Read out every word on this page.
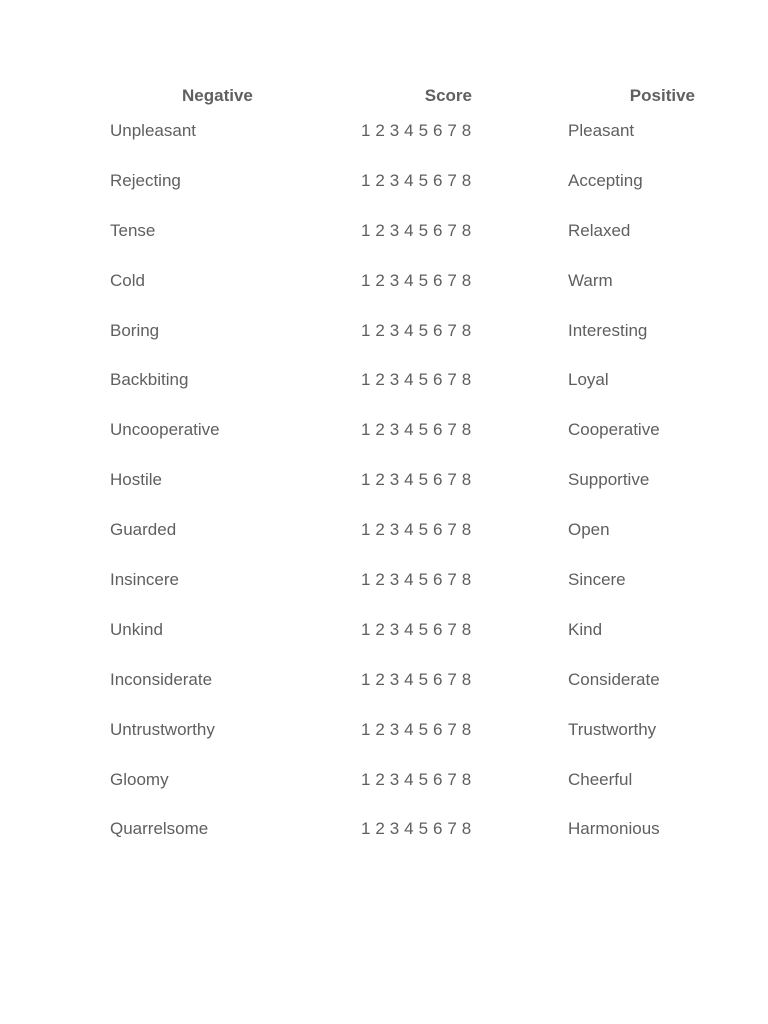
Negative	Score	Positive
Unpleasant	1 2 3 4 5 6 7 8	Pleasant
Rejecting	1 2 3 4 5 6 7 8	Accepting
Tense	1 2 3 4 5 6 7 8	Relaxed
Cold	1 2 3 4 5 6 7 8	Warm
Boring	1 2 3 4 5 6 7 8	Interesting
Backbiting	1 2 3 4 5 6 7 8	Loyal
Uncooperative	1 2 3 4 5 6 7 8	Cooperative
Hostile	1 2 3 4 5 6 7 8	Supportive
Guarded	1 2 3 4 5 6 7 8	Open
Insincere	1 2 3 4 5 6 7 8	Sincere
Unkind	1 2 3 4 5 6 7 8	Kind
Inconsiderate	1 2 3 4 5 6 7 8	Considerate
Untrustworthy	1 2 3 4 5 6 7 8	Trustworthy
Gloomy	1 2 3 4 5 6 7 8	Cheerful
Quarrelsome	1 2 3 4 5 6 7 8	Harmonious
